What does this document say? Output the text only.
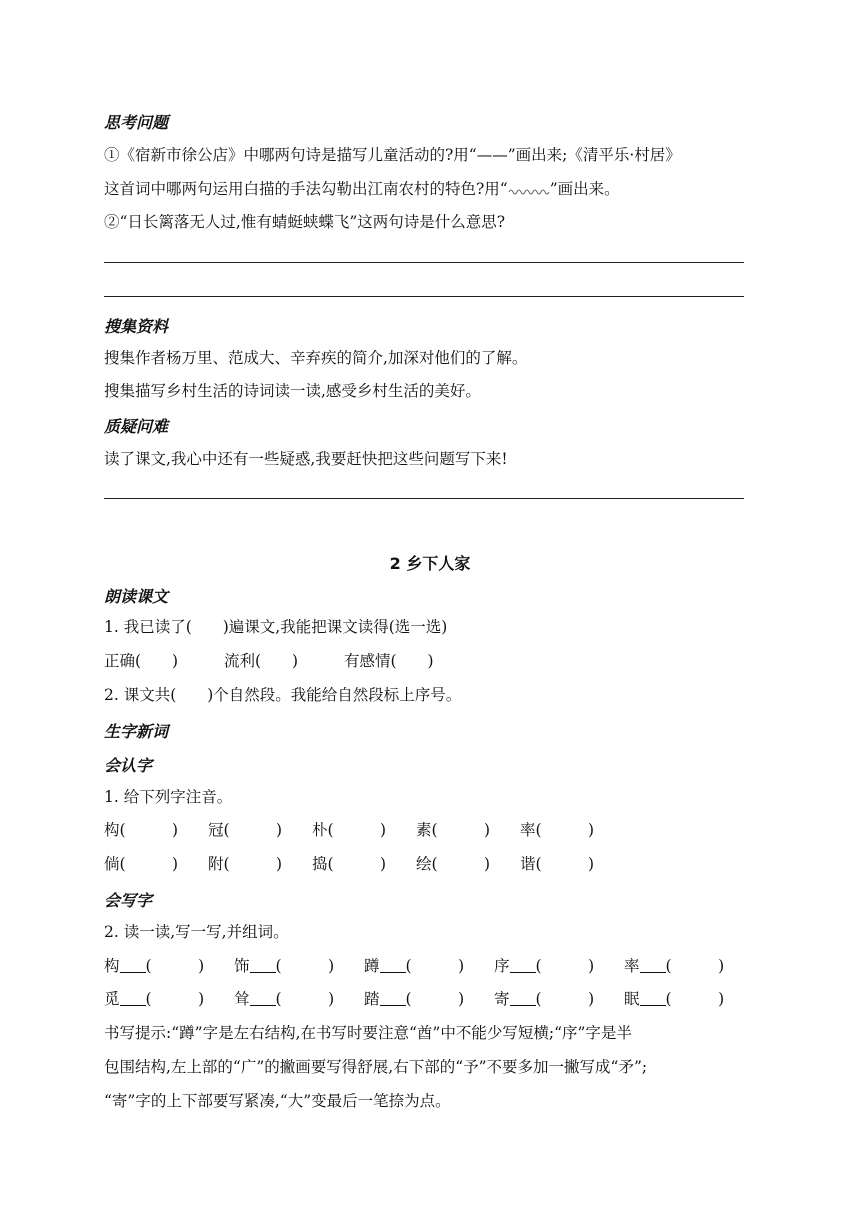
思考问题
①《宿新市徐公店》中哪两句诗是描写儿童活动的?用“——”画出来;《清平乐·村居》
这首词中哪两句运用白描的手法勾勒出江南农村的特色?用“	”画出来。
②“日长篱落无人过,惟有蜻蜓蛱蝶飞”这两句诗是什么意思?
搜集资料
搜集作者杨万里、范成大、辛弃疾的简介,加深对他们的了解。
搜集描写乡村生活的诗词读一读,感受乡村生活的美好。
质疑问难
读了课文,我心中还有一些疑惑,我要赶快把这些问题写下来!
2 乡下人家
朗读课文
1. 我已读了(　　)遍课文,我能把课文读得(选一选)
正确(　　)	流利(　　)	有感情(　　)
2. 课文共(　　)个自然段。我能给自然段标上序号。
生字新词
会认字
1. 给下列字注音。
构(　　　)	冠(　　　)	朴(　　　)	素(　　　)	率(　　　)
倘(　　　)	附(　　　)	捣(　　　)	绘(　　　)	谐(　　　)
会写字
2. 读一读,写一写,并组词。
构 (　　　)	饰 (　　　)	蹲 (　　　)	序 (　　　)	率 (　　　)
觅 (　　　)	耸 (　　　)	踏 (　　　)	寄 (　　　)	眠 (　　　)
书写提示:“蹲”字是左右结构,在书写时要注意“酋”中不能少写短横;“序”字是半
包围结构,左上部的“广”的撇画要写得舒展,右下部的“予”不要多加一撇写成“矛”;
“寄”字的上下部要写紧凑,“大”变最后一笔捺为点。
